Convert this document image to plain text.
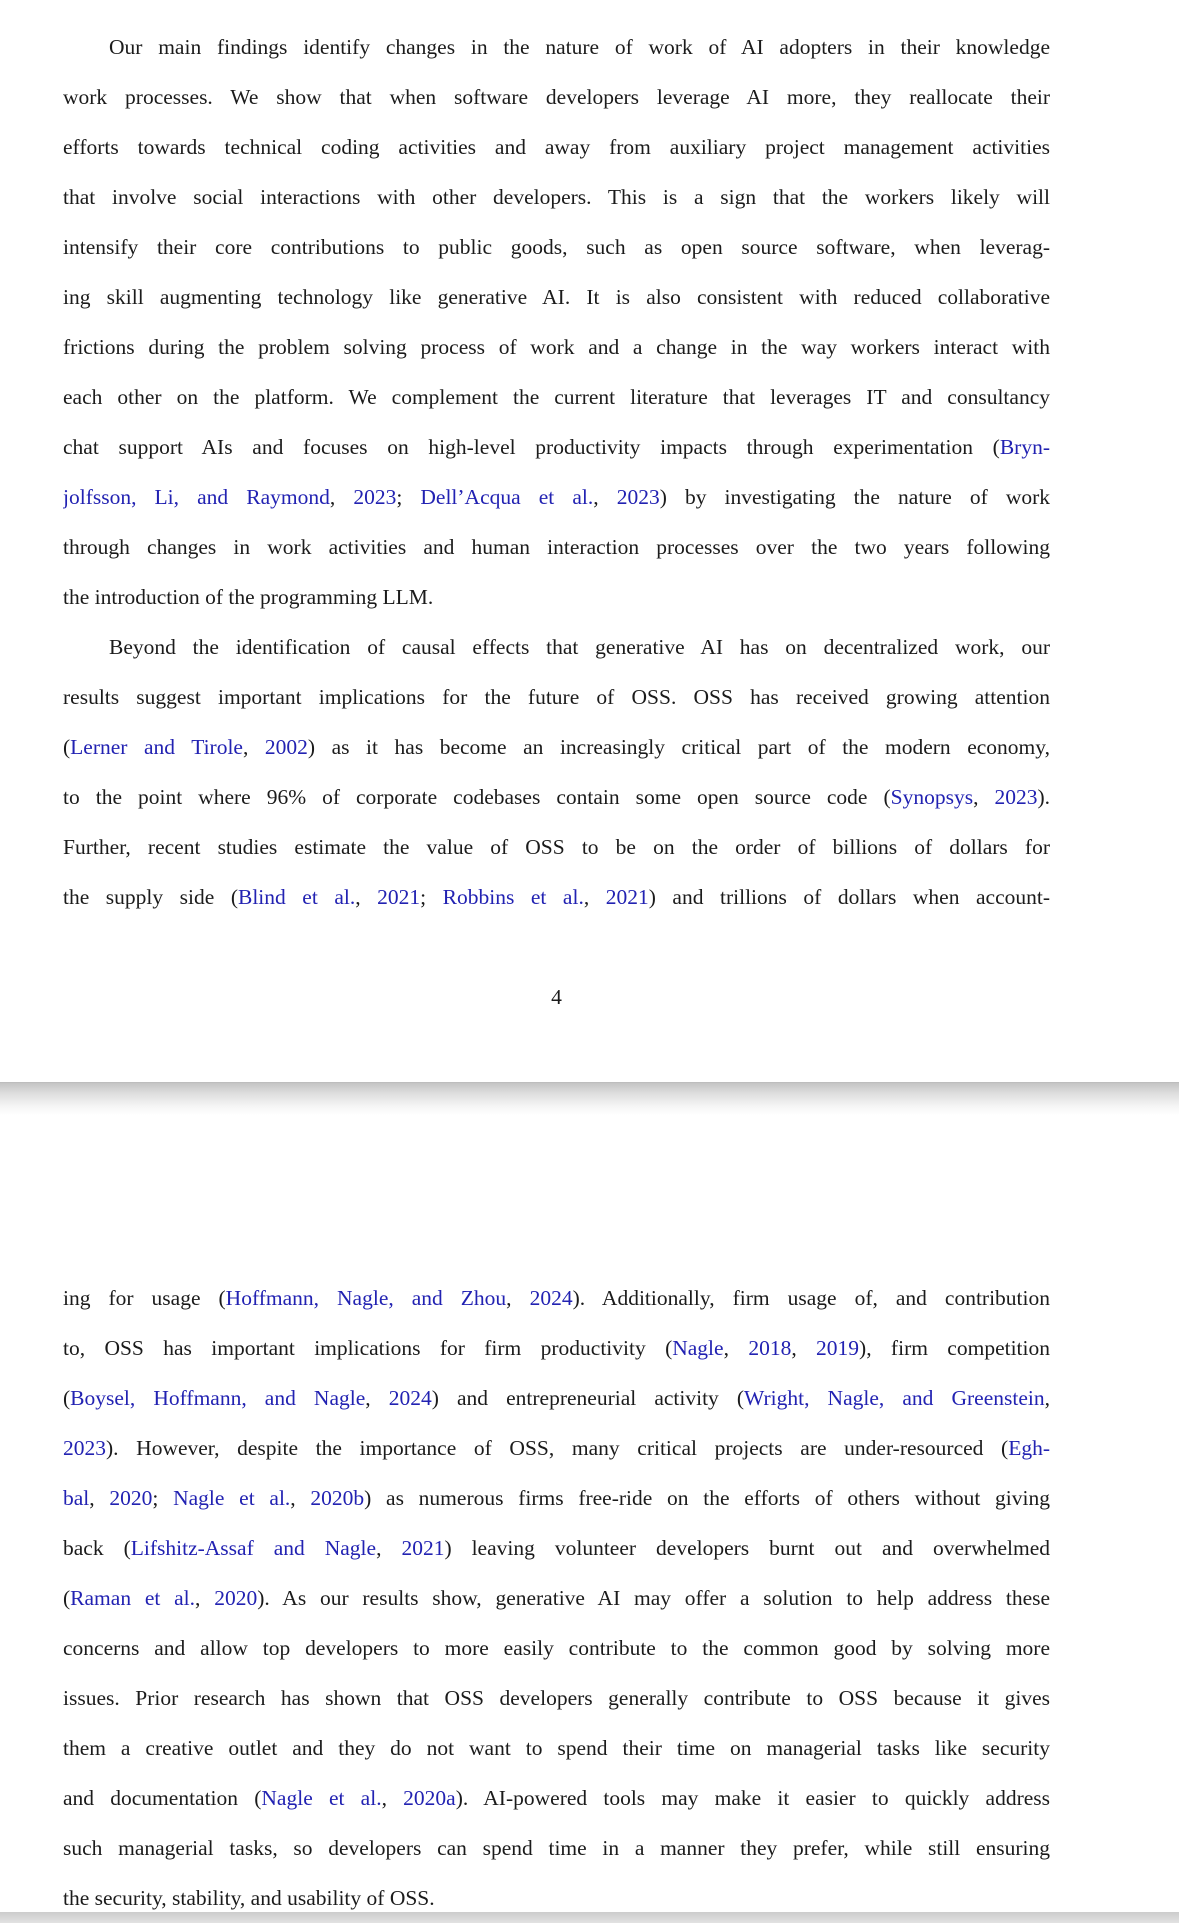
Our main findings identify changes in the nature of work of AI adopters in their knowledge
work processes. We show that when software developers leverage AI more, they reallocate their
efforts towards technical coding activities and away from auxiliary project management activities
that involve social interactions with other developers. This is a sign that the workers likely will
intensify their core contributions to public goods, such as open source software, when leverag-
ing skill augmenting technology like generative AI. It is also consistent with reduced collaborative
frictions during the problem solving process of work and a change in the way workers interact with
each other on the platform. We complement the current literature that leverages IT and consultancy
chat support AIs and focuses on high-level productivity impacts through experimentation (Bryn-
jolfsson, Li, and Raymond, 2023; Dell’Acqua et al., 2023) by investigating the nature of work
through changes in work activities and human interaction processes over the two years following
the introduction of the programming LLM.
Beyond the identification of causal effects that generative AI has on decentralized work, our
results suggest important implications for the future of OSS. OSS has received growing attention
(Lerner and Tirole, 2002) as it has become an increasingly critical part of the modern economy,
to the point where 96% of corporate codebases contain some open source code (Synopsys, 2023).
Further, recent studies estimate the value of OSS to be on the order of billions of dollars for
the supply side (Blind et al., 2021; Robbins et al., 2021) and trillions of dollars when account-
4
ing for usage (Hoffmann, Nagle, and Zhou, 2024). Additionally, firm usage of, and contribution
to, OSS has important implications for firm productivity (Nagle, 2018, 2019), firm competition
(Boysel, Hoffmann, and Nagle, 2024) and entrepreneurial activity (Wright, Nagle, and Greenstein,
2023). However, despite the importance of OSS, many critical projects are under-resourced (Egh-
bal, 2020; Nagle et al., 2020b) as numerous firms free-ride on the efforts of others without giving
back (Lifshitz-Assaf and Nagle, 2021) leaving volunteer developers burnt out and overwhelmed
(Raman et al., 2020). As our results show, generative AI may offer a solution to help address these
concerns and allow top developers to more easily contribute to the common good by solving more
issues. Prior research has shown that OSS developers generally contribute to OSS because it gives
them a creative outlet and they do not want to spend their time on managerial tasks like security
and documentation (Nagle et al., 2020a). AI-powered tools may make it easier to quickly address
such managerial tasks, so developers can spend time in a manner they prefer, while still ensuring
the security, stability, and usability of OSS.
